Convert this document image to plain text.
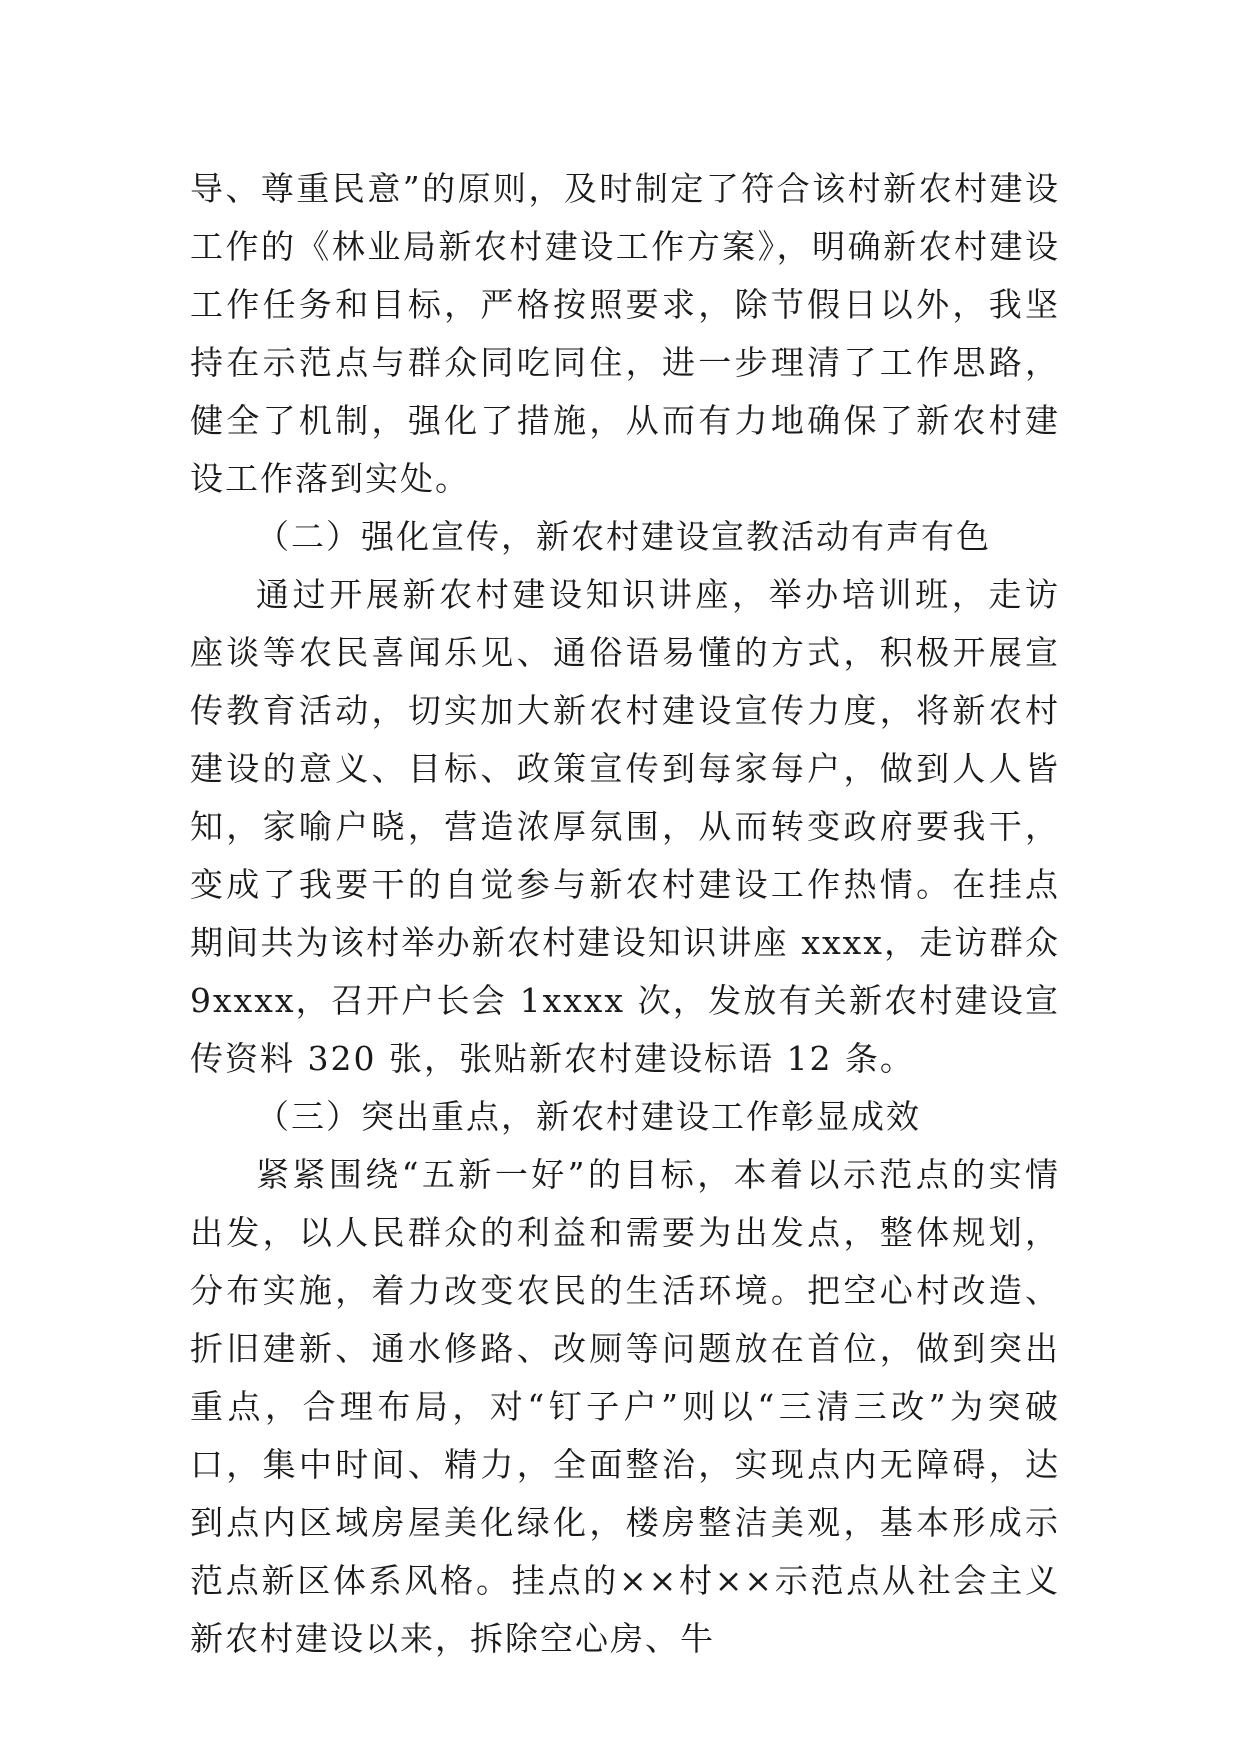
导、尊重民意”的原则，及时制定了符合该村新农村建设工作的《林业局新农村建设工作方案》，明确新农村建设工作任务和目标，严格按照要求，除节假日以外，我坚持在示范点与群众同吃同住，进一步理清了工作思路，健全了机制，强化了措施，从而有力地确保了新农村建设工作落到实处。

（二）强化宣传，新农村建设宣教活动有声有色

通过开展新农村建设知识讲座，举办培训班，走访座谈等农民喜闻乐见、通俗语易懂的方式，积极开展宣传教育活动，切实加大新农村建设宣传力度，将新农村建设的意义、目标、政策宣传到每家每户，做到人人皆知，家喻户晓，营造浓厚氛围，从而转变政府要我干，变成了我要干的自觉参与新农村建设工作热情。在挂点期间共为该村举办新农村建设知识讲座 xxxx，走访群众 9xxxx，召开户长会 1xxxx 次，发放有关新农村建设宣传资料 320 张，张贴新农村建设标语 12 条。

（三）突出重点，新农村建设工作彰显成效

紧紧围绕“五新一好”的目标，本着以示范点的实情出发，以人民群众的利益和需要为出发点，整体规划，分布实施，着力改变农民的生活环境。把空心村改造、折旧建新、通水修路、改厕等问题放在首位，做到突出重点，合理布局，对“钉子户”则以“三清三改”为突破口，集中时间、精力，全面整治，实现点内无障碍，达到点内区域房屋美化绿化，楼房整洁美观，基本形成示范点新区体系风格。挂点的××村××示范点从社会主义新农村建设以来，拆除空心房、牛
